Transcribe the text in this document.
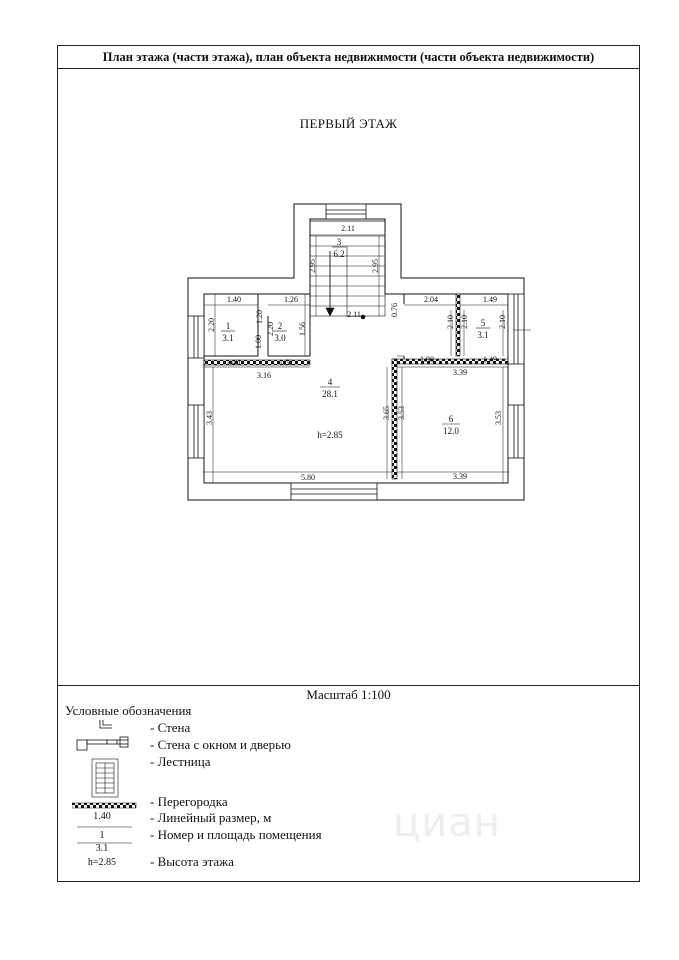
План этажа (части этажа), план объекта недвижимости (части объекта недвижимости)
ПЕРВЫЙ ЭТАЖ
1
3.1
2
3.0
3
6.2
4
28.1
5
3.1
6
12.0
h=2.85
2.11
2.11
1.40
1.40
1.26
1.52
3.16
5.80
2.04	1.49
1.90	1.49
3.39
3.39
2.20
1.20
2.20	1.56
1.00
3.43	3.65 3.53	3.53
2.95	2.95
0.76
2.10 2.10	2.10
Масштаб 1:100
Условные обозначения
1.40
1
3.1
h=2.85
- Стена
- Стена с окном и дверью
- Лестница
- Перегородка
- Линейный размер, м
- Номер и площадь помещения
- Высота этажа
циан
